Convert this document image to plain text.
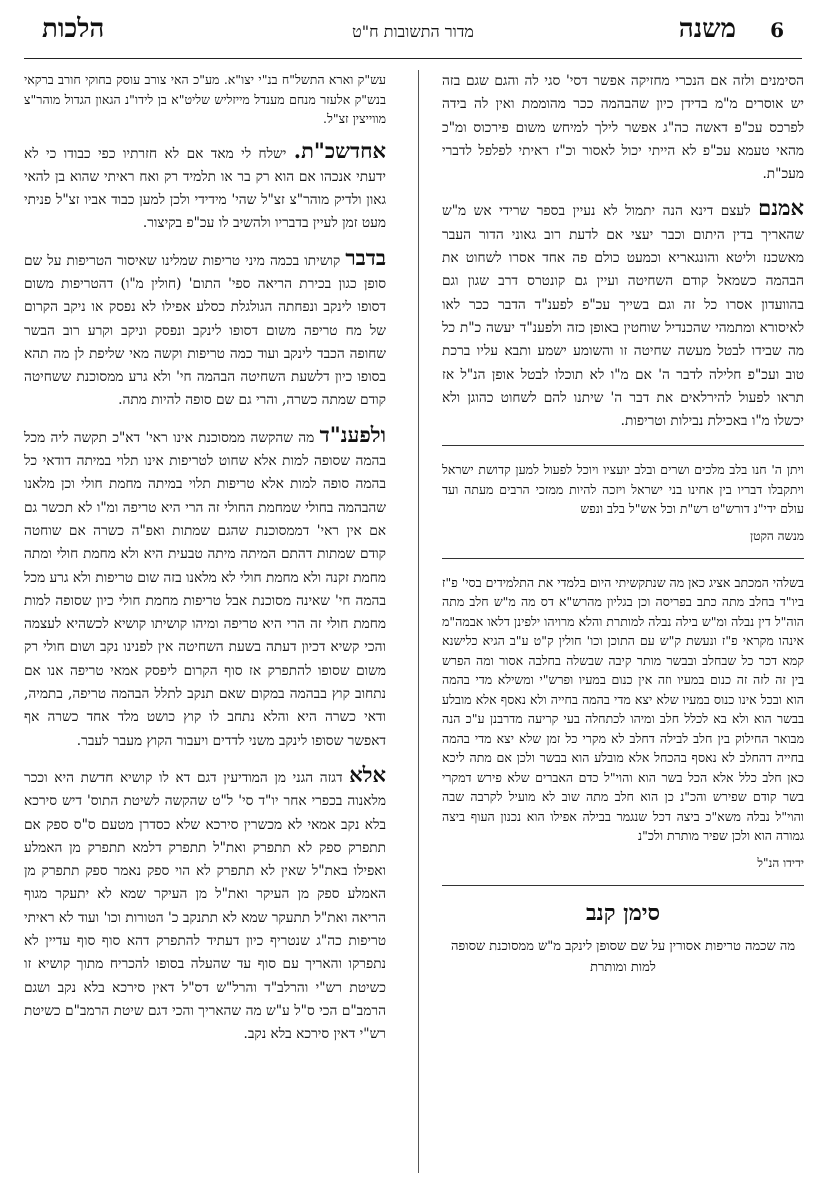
6
משנה
מדור התשובות ח"ט
הלכות

הסימנים ולזה אם הנכרי מחזיקה אפשר דסי' סגי לה והגם שגם בזה יש אוסרים מ"מ בדידן כיון שהבהמה ככר מהוממת ואין לה בידה לפרכס עכ"פ דאשה כה"ג אפשר לילך למיחש משום פירכוס ומ"כ מהאי טעמא עכ"פ לא הייתי יכול לאסור וכ"ז ראיתי לפלפל לדברי מעכ"ת.

אמנם לעצם דינא הנה יתמול לא נעיין בספר שרידי אש מ"ש שהאריך בדין היתום וכבר יעצי אם לדעת רוב גאוני הדור העבר מאשכנז וליטא והונגאריא וכמעט כולם פה אחד אסרו לשחוט את הבהמה כשמאל קודם השחיטה ועיין גם קונטרס דרב שגון וגם בהוועדון אסרו כל זה וגם בשייך עכ"פ לפענ"ד הדבר ככר לאו לאיסורא ומתמהי שהכנדיל שוחטין באופן כזה ולפענ"ד יעשה כ"ת כל מה שבידו לבטל מעשה שחיטה זו והשומע ישמע ותבא עליו ברכת טוב ועכ"פ חלילה לדבר ה' אם מ"ו לא תוכלו לבטל אופן הנ"ל אז תראו לפעול להירלאים את דבר ה' שיתנו להם לשחוט כהוגן ולא יכשלו מ"ו באכילת נבילות וטריפות.

ויתן ה' חנו בלב מלכים ושרים ובלב יועציו ויוכל לפעול למען קדושת ישראל ויתקבלו דבריו בין אחינו בני ישראל ויזכה להיות ממזכי הרבים מעתה ועד עולם ידי"נ דורש"ט רש"ת וכל אש"ל בלב ונפש

מנשה הקטן

בשלהי המכתב אציג כאן מה שנתקשיתי היום בלמדי את התלמידים בסי' פ"ז ביו"ד בחלב מתה כתב בפריסה וכן בגליון מהרש"א דס מה מ"ש חלב מתה הוה"ל דין נבלה ומ"ש בילה נבלה למותרת והלא מרויהו ילפינן דלאו אבמה"מ אינהו מקראי פ"ז ונעשת ק"ש עם התוכן וכו' חולין ק"ט ע"ב הגיא כלישנא קמא דכר כל שבחלב ובבשר מותר קיבה שבשלה בחלבה אסור ומה הפרש בין זה לזה זה כנום במעיו וזה אין כנום במעיו ופרש"י ומשילא מדי בהמה הוא ובכל אינו כנוס במעיו שלא יצא מדי בהמה בחייה ולא נאסף אלא מובלע בבשר הוא ולא בא לכלל חלב ומיהו לכתחלה בעי קריעה מדרבנן ע"כ הנה מבואר החילוק בין חלב לבילה דחלב לא מקרי כל זמן שלא יצא מדי בהמה בחייה דהחלב לא נאסף בהכחל אלא מובלע הוא בבשר ולכן אם מתה ליכא כאן חלב כלל אלא הכל בשר הוא והוי"ל כדם האברים שלא פירש דמקרי בשר קודם שפירש והכ"נ כן הוא חלב מתה שוב לא מועיל לקרבה שבה והוי"ל נבלה משא"כ ביצה דכל שנגמר בבילה אפילו הוא נכנון העוף ביצה גמורה הוא ולכן שפיר מותרת ולכ"נ

ידידו הנ"ל
סימן קנב
מה שכמה טריפות אסורין על שם שסופן לינקב מ"ש ממסוכנת שסופה למות ומותרת

עש"ק וארא התשל"ח בנ"י יצו"א. מע"כ האי צורב עוסק בחוקי חורב ברקאי בנש"ק אלעזר מנחם מענדל מייזליש שליט"א בן לידו"נ הגאון הגדול מוהר"צ מווייצין זצ"ל.

אחדשכ"ת. ישלח לי מאד אם לא חזרתיו כפי כבודו כי לא ידעתי אנכהו אם הוא רק בר או תלמיד רק ואח ראיתי שהוא בן להאי גאון ולדיק מוהר"צ זצ"ל שהי' מידידי ולכן למען כבוד אביו זצ"ל פניתי מעט זמן לעיין בדבריו ולהשיב לו עכ"פ בקיצור.

בדבר קושיתו בכמה מיני טריפות שמלינו שאיסור הטריפות על שם סופן כגון בכירת הריאה ספי' התום' (חולין מ"ו) דהטריפות משום דסופו לינקב ונפחתה הגולגלת כסלע אפילו לא נפסק או ניקב הקרום של מח טריפה משום דסופו לינקב ונפסק וניקב וקרע רוב הבשר שחופה הכבד לינקב ועוד כמה טריפות וקשה מאי שליפת לן מה תהא בסופו כיון דלשעת השחיטה הבהמה חי' ולא גרע ממסוכנת ששחיטה קודם שמתה כשרה, והרי גם שם סופה להיות מתה.

ולפענ"ד מה שהקשה ממסוכנת אינו ראי' דא"כ תקשה ליה מכל בהמה שסופה למות אלא שחוט לטריפות אינו תלוי במיתה דודאי כל בהמה סופה למות אלא טריפות תלוי במיתה מחמת חולי וכן מלאנו שהבהמה בחולי שמחמת החולי זה הרי היא טריפה ומ"ו לא תכשר גם אם אין ראי' דממסוכנת שהגם שמתות ואפ"ה כשרה אם שוחטה קודם שמתות דהתם המיתה מיתה טבעית היא ולא מחמת חולי ומתה מחמת זקנה ולא מחמת חולי לא מלאנו בזה שום טריפות ולא גרע מכל בהמה חי' שאינה מסוכנת אבל טריפות מחמת חולי כיון שסופה למות מחמת חולי זה הרי היא טריפה ומיהו קושיתו קושיא לכשהיא לעצמה והכי קשיא דכיון דעתה בשעת השחיטה אין לפנינו נקב ושום חולי רק משום שסופו להתפרק אז סוף הקרום ליפסק אמאי טריפה אנו אם נתחוב קוץ בבהמה במקום שאם תנקב לתלל הבהמה טריפה, בתמיה, ודאי כשרה היא והלא נתחב לו קוץ כושט מלד אחד כשרה אף דאפשר שסופו לינקב משני לדדים ויעבור הקוץ מעבר לעבר.

אלא דגזה הגני מן המודיעין דגם דא לו קושיא חדשת היא וככר מלאנוה בכפרי אחר יו"ד סי' ל"ט שהקשה לשיטת התוס' דיש סירכא בלא נקב אמאי לא מכשרין סירכא שלא כסדרן מטעם ס"ס ספק אם תתפרק ספק לא תתפרק ואת"ל תתפרק דלמא תתפרק מן האמלע ואפילו באת"ל שאין לא תתפרק לא הוי ספק נאמר ספק תתפרק מן האמלע ספק מן העיקר ואת"ל מן העיקר שמא לא יתעקר מגוף הריאה ואת"ל תתעקר שמא לא תתנקב כ' הטורות וכו' ועוד לא ראיתי טריפות כה"ג שנטריף כיון דעתיד להתפרק דהא סוף סוף עדיין לא נתפרקו והאריך עם סוף עד שהעלה בסופו להכריח מתוך קושיא זו כשיטת רש"י והרלב"ד והרל"ש דס"ל דאין סירכא בלא נקב ושגם הרמב"ם הכי ס"ל ע"ש מה שהאריך והכי דגם שיטת הרמב"ם כשיטת רש"י דאין סירכא בלא נקב.
